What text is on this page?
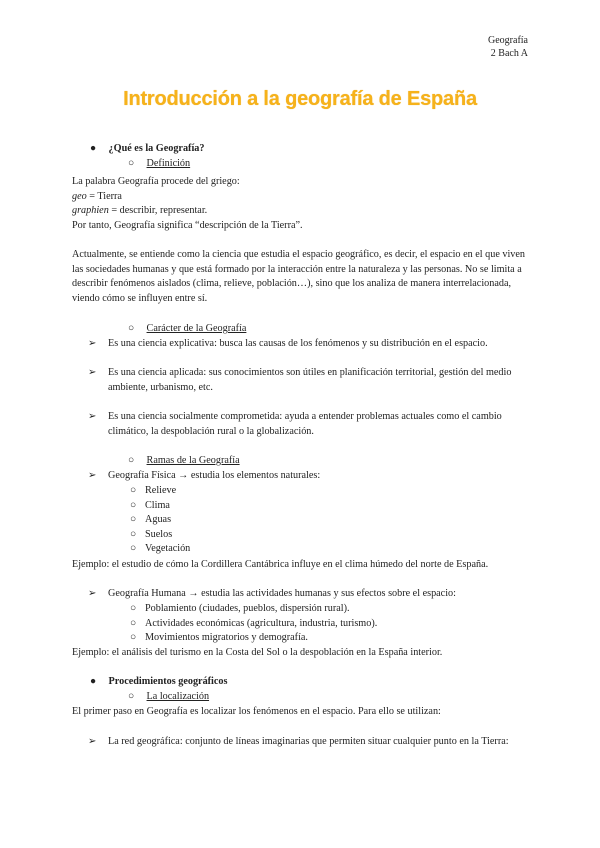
Geografía
2 Bach A
Introducción a la geografía de España
● ¿Qué es la Geografía?
○ Definición
La palabra Geografía procede del griego:
geo = Tierra
graphien = describir, representar.
Por tanto, Geografía significa “descripción de la Tierra”.
Actualmente, se entiende como la ciencia que estudia el espacio geográfico, es decir, el espacio en el que viven las sociedades humanas y que está formado por la interacción entre la naturaleza y las personas. No se limita a describir fenómenos aislados (clima, relieve, población…), sino que los analiza de manera interrelacionada, viendo cómo se influyen entre sí.
○ Carácter de la Geografía
➢	Es una ciencia explicativa: busca las causas de los fenómenos y su distribución en el espacio.
➢	Es una ciencia aplicada: sus conocimientos son útiles en planificación territorial, gestión del medio ambiente, urbanismo, etc.
➢	Es una ciencia socialmente comprometida: ayuda a entender problemas actuales como el cambio climático, la despoblación rural o la globalización.
○ Ramas de la Geografía
➢	Geografía Física → estudia los elementos naturales:
○ Relieve
○ Clima
○ Aguas
○ Suelos
○ Vegetación
Ejemplo: el estudio de cómo la Cordillera Cantábrica influye en el clima húmedo del norte de España.
➢	Geografía Humana → estudia las actividades humanas y sus efectos sobre el espacio:
○ Poblamiento (ciudades, pueblos, dispersión rural).
○ Actividades económicas (agricultura, industria, turismo).
○ Movimientos migratorios y demografía.
Ejemplo: el análisis del turismo en la Costa del Sol o la despoblación en la España interior.
● Procedimientos geográficos
○ La localización
El primer paso en Geografía es localizar los fenómenos en el espacio. Para ello se utilizan:
➢	La red geográfica: conjunto de líneas imaginarias que permiten situar cualquier punto en la Tierra:
